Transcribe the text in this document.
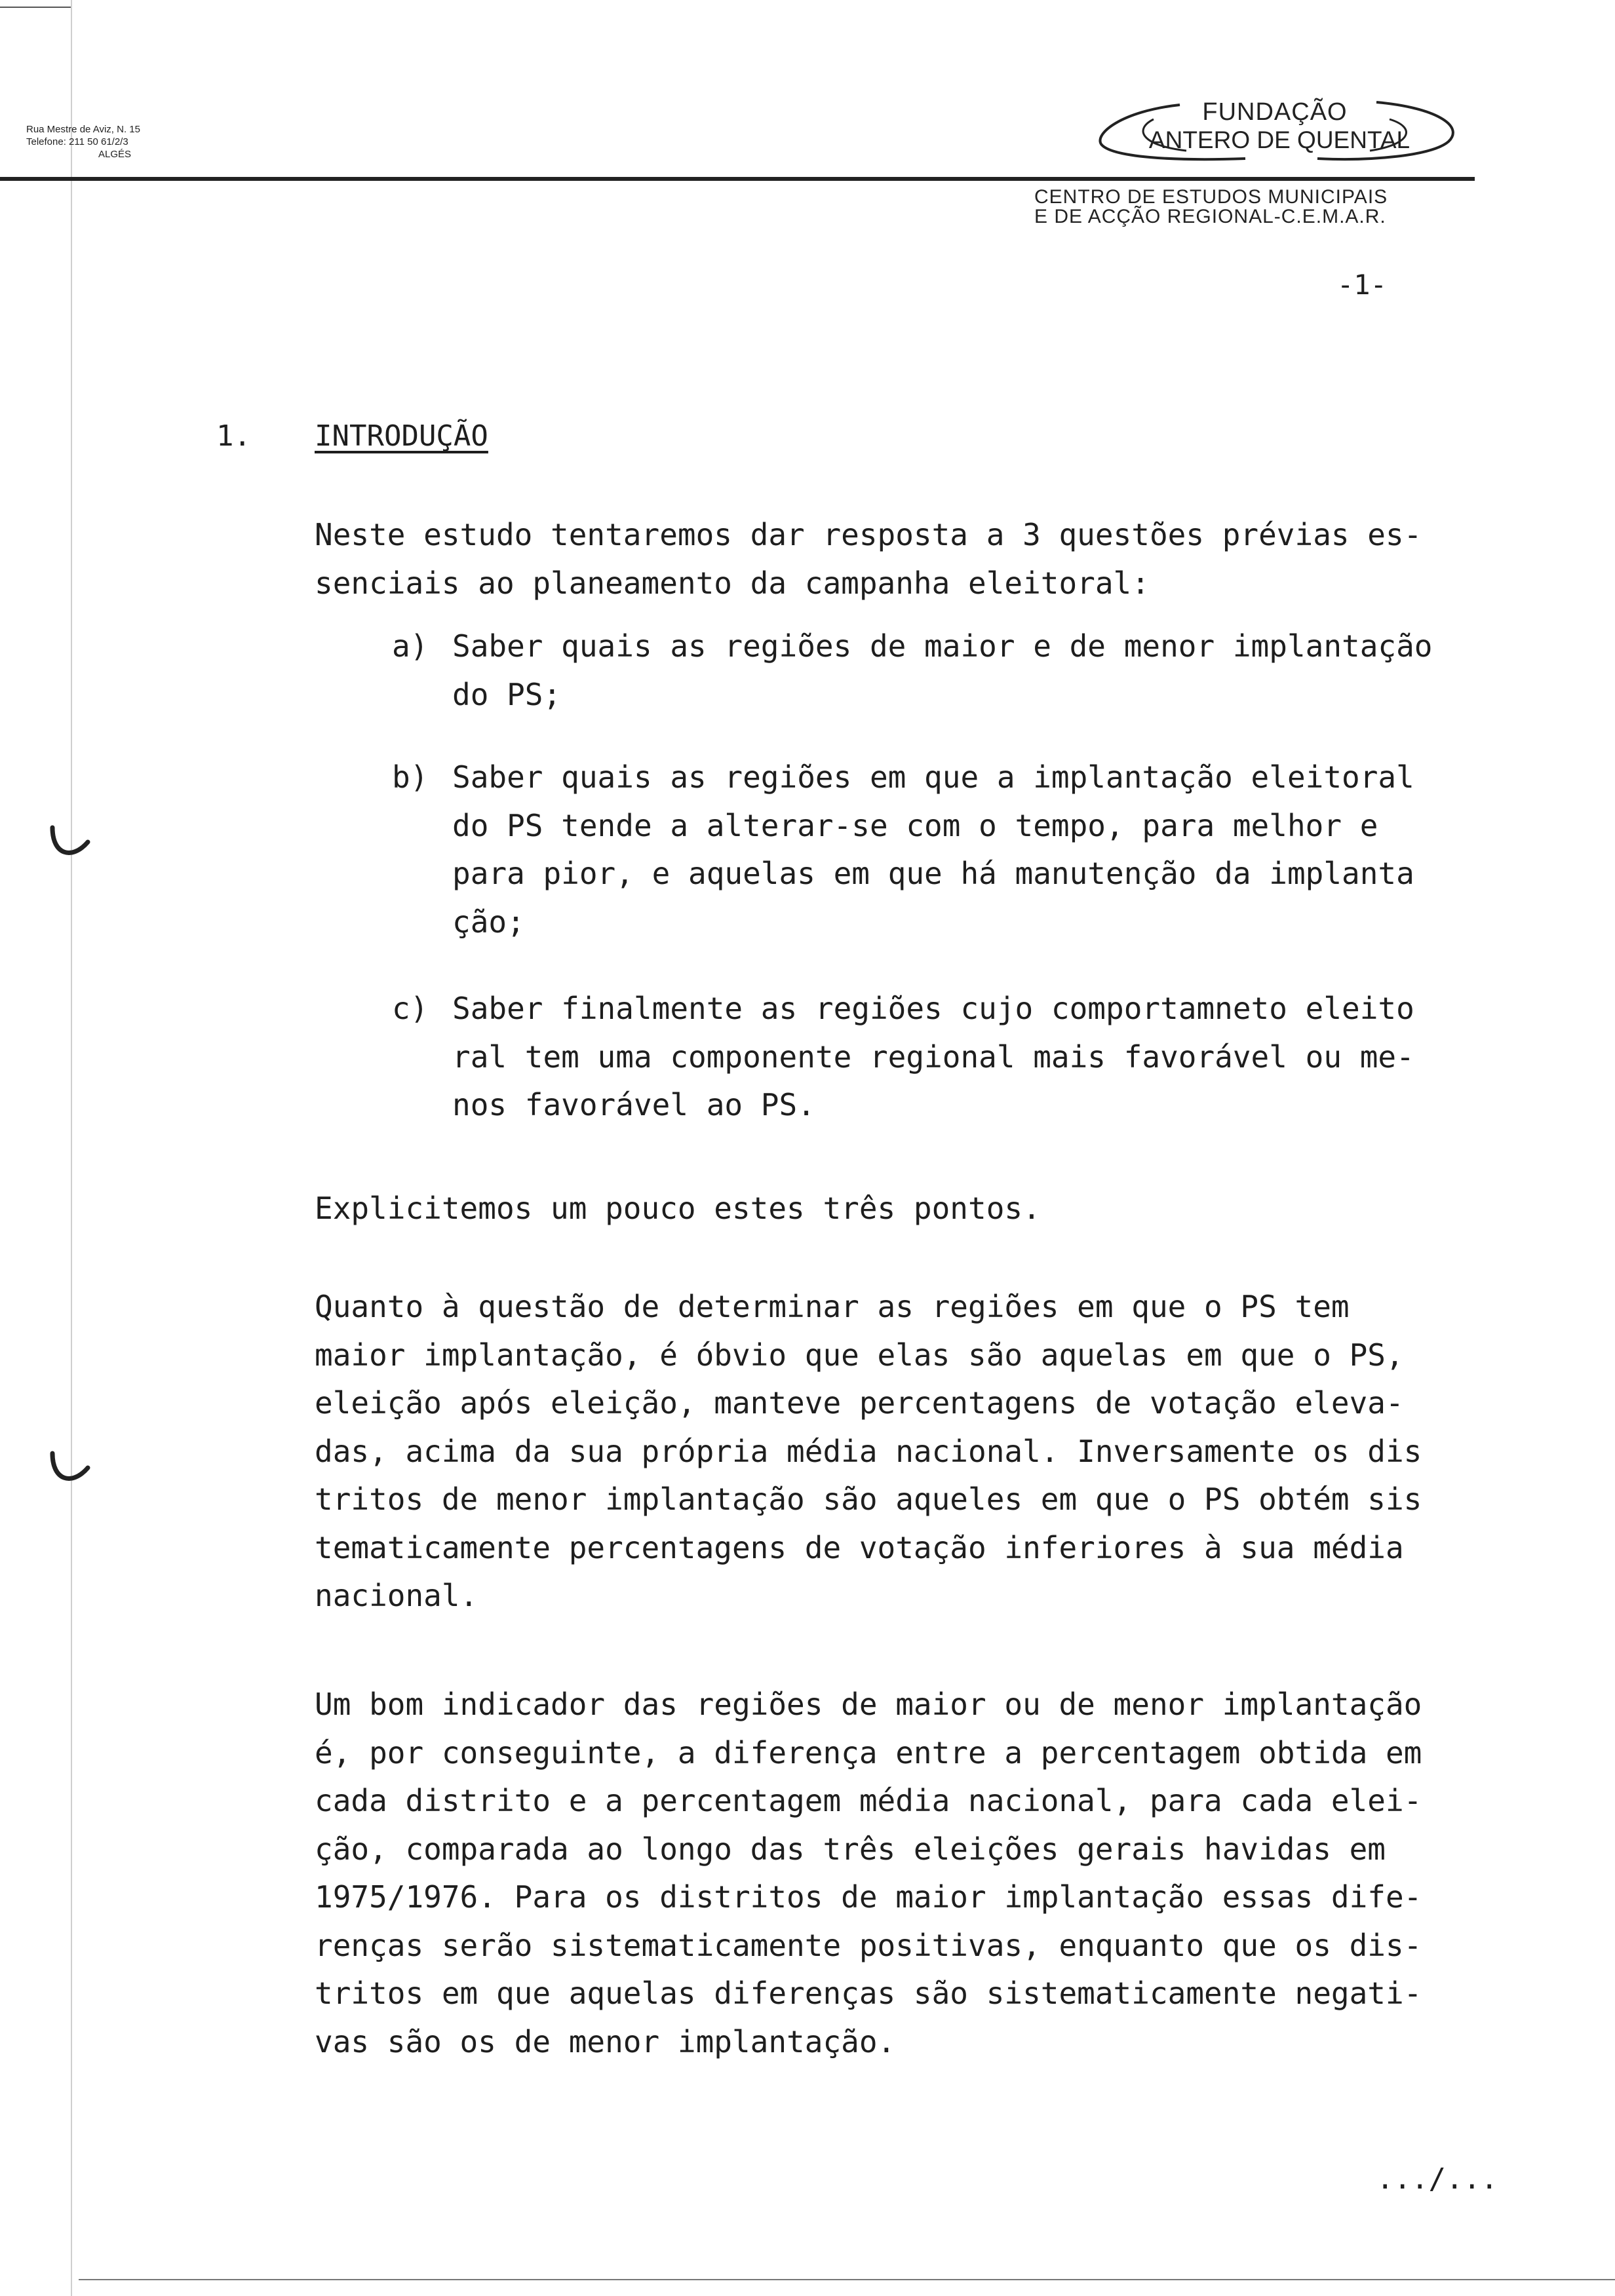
Rua Mestre de Aviz, N. 15
Telefone: 211 50 61/2/3
ALGÉS
FUNDAÇÃO
ANTERO DE QUENTAL
CENTRO DE ESTUDOS MUNICIPAIS
E DE ACÇÃO REGIONAL-C.E.M.A.R.
-1-
1. INTRODUÇÃO
Neste estudo tentaremos dar resposta a 3 questões prévias es-
senciais ao planeamento da campanha eleitoral:
a) Saber quais as regiões de maior e de menor implantação
do PS;
b) Saber quais as regiões em que a implantação eleitoral
do PS tende a alterar-se com o tempo, para melhor e
para pior, e aquelas em que há manutenção da implanta
ção;
c) Saber finalmente as regiões cujo comportamneto eleito
ral tem uma componente regional mais favorável ou me-
nos favorável ao PS.
Explicitemos um pouco estes três pontos.
Quanto à questão de determinar as regiões em que o PS tem
maior implantação, é óbvio que elas são aquelas em que o PS,
eleição após eleição, manteve percentagens de votação eleva-
das, acima da sua própria média nacional. Inversamente os dis
tritos de menor implantação são aqueles em que o PS obtém sis
tematicamente percentagens de votação inferiores à sua média
nacional.
Um bom indicador das regiões de maior ou de menor implantação
é, por conseguinte, a diferença entre a percentagem obtida em
cada distrito e a percentagem média nacional, para cada elei-
ção, comparada ao longo das três eleições gerais havidas em
1975/1976. Para os distritos de maior implantação essas dife-
renças serão sistematicamente positivas, enquanto que os dis-
tritos em que aquelas diferenças são sistematicamente negati-
vas são os de menor implantação.
.../...
